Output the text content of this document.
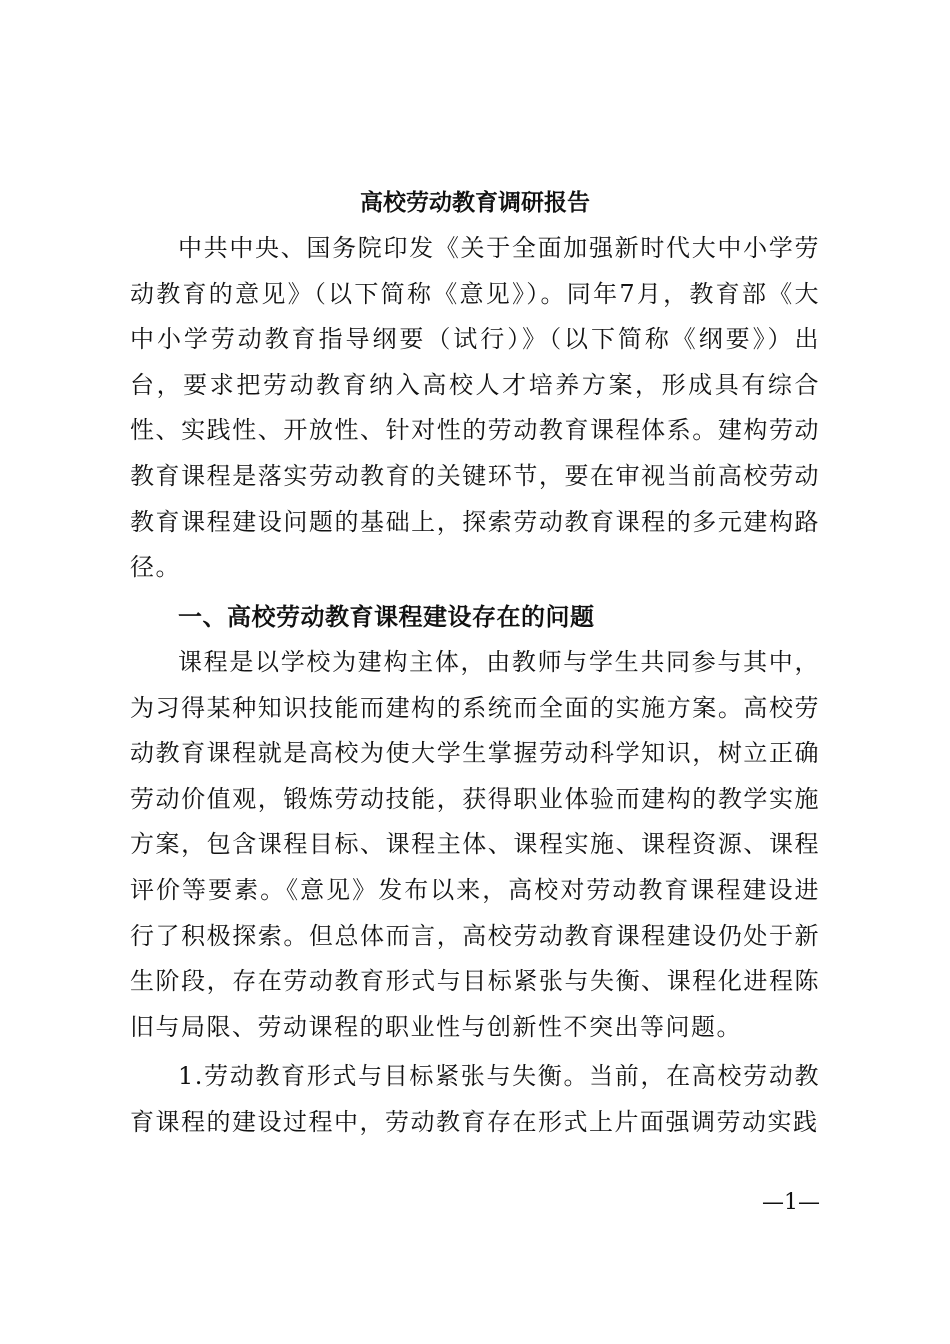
高校劳动教育调研报告

中共中央、国务院印发《关于全面加强新时代大中小学劳动教育的意见》（以下简称《意见》）。同年7月，教育部《大中小学劳动教育指导纲要（试行）》（以下简称《纲要》）出台，要求把劳动教育纳入高校人才培养方案，形成具有综合性、实践性、开放性、针对性的劳动教育课程体系。建构劳动教育课程是落实劳动教育的关键环节，要在审视当前高校劳动教育课程建设问题的基础上，探索劳动教育课程的多元建构路径。

一、高校劳动教育课程建设存在的问题

课程是以学校为建构主体，由教师与学生共同参与其中，为习得某种知识技能而建构的系统而全面的实施方案。高校劳动教育课程就是高校为使大学生掌握劳动科学知识，树立正确劳动价值观，锻炼劳动技能，获得职业体验而建构的教学实施方案，包含课程目标、课程主体、课程实施、课程资源、课程评价等要素。《意见》发布以来，高校对劳动教育课程建设进行了积极探索。但总体而言，高校劳动教育课程建设仍处于新生阶段，存在劳动教育形式与目标紧张与失衡、课程化进程陈旧与局限、劳动课程的职业性与创新性不突出等问题。

1.劳动教育形式与目标紧张与失衡。当前，在高校劳动教育课程的建设过程中，劳动教育存在形式上片面强调劳动实践

—1—
